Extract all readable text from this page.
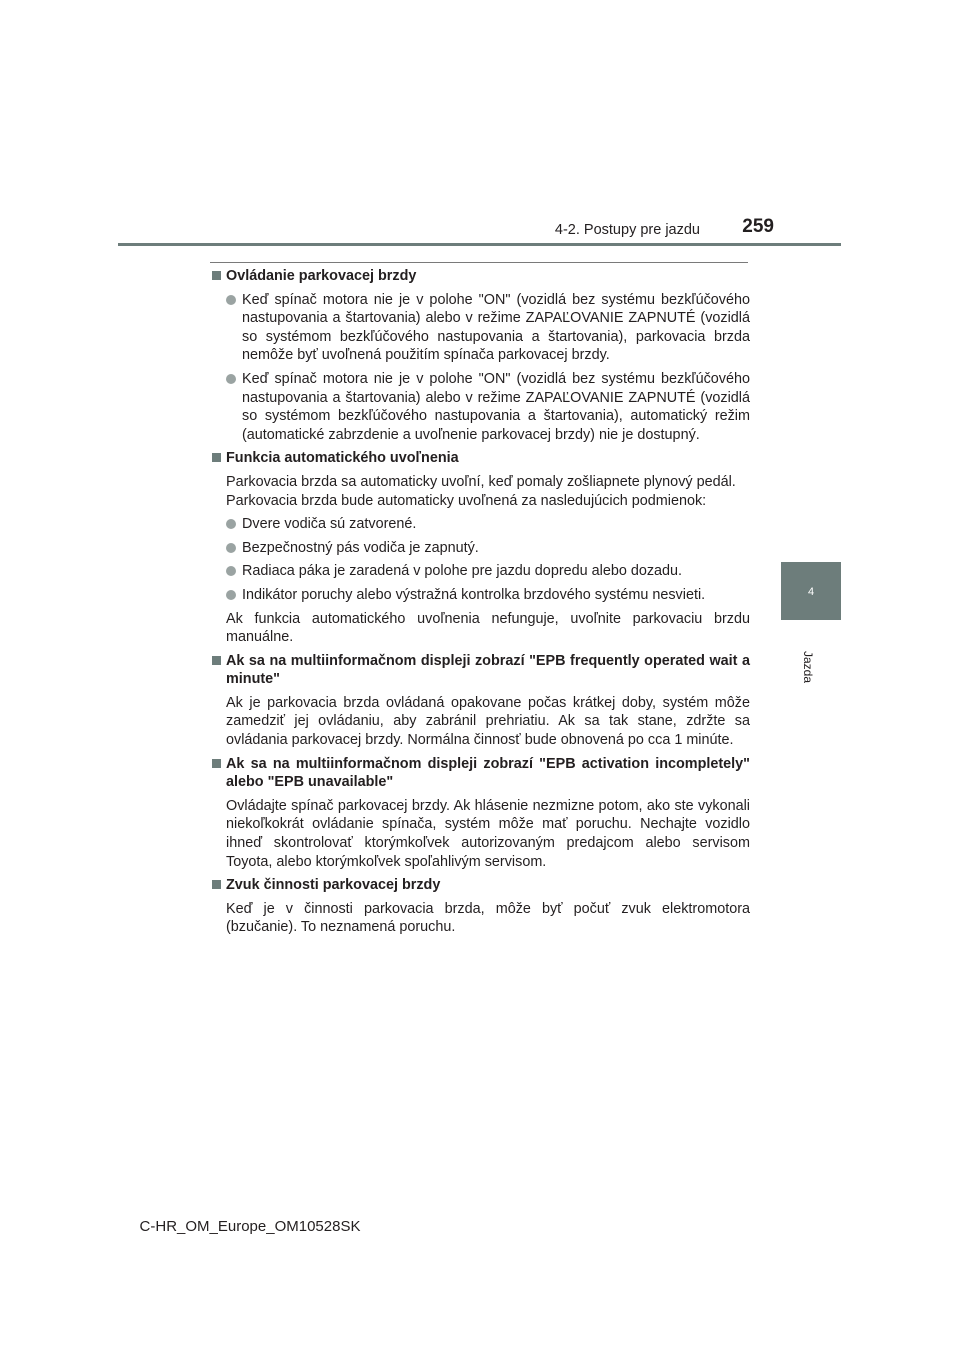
4-2. Postupy pre jazdu	259
4
Jazda
Ovládanie parkovacej brzdy
Keď spínač motora nie je v polohe "ON" (vozidlá bez systému bezkľúčového nastupovania a štartovania) alebo v režime ZAPAĽOVANIE ZAPNUTÉ (vozidlá so systémom bezkľúčového nastupovania a štartovania), parkovacia brzda nemôže byť uvoľnená použitím spínača parkovacej brzdy.
Keď spínač motora nie je v polohe "ON" (vozidlá bez systému bezkľúčového nastupovania a štartovania) alebo v režime ZAPAĽOVANIE ZAPNUTÉ (vozidlá so systémom bezkľúčového nastupovania a štartovania), automatický režim (automatické zabrzdenie a uvoľnenie parkovacej brzdy) nie je dostupný.
Funkcia automatického uvoľnenia
Parkovacia brzda sa automaticky uvoľní, keď pomaly zošliapnete plynový pedál.
Parkovacia brzda bude automaticky uvoľnená za nasledujúcich podmienok:
Dvere vodiča sú zatvorené.
Bezpečnostný pás vodiča je zapnutý.
Radiaca páka je zaradená v polohe pre jazdu dopredu alebo dozadu.
Indikátor poruchy alebo výstražná kontrolka brzdového systému nesvieti.
Ak funkcia automatického uvoľnenia nefunguje, uvoľnite parkovaciu brzdu manuálne.
Ak sa na multiinformačnom displeji zobrazí "EPB frequently operated wait a minute"
Ak je parkovacia brzda ovládaná opakovane počas krátkej doby, systém môže zamedziť jej ovládaniu, aby zabránil prehriatiu. Ak sa tak stane, zdržte sa ovládania parkovacej brzdy. Normálna činnosť bude obnovená po cca 1 minúte.
Ak sa na multiinformačnom displeji zobrazí "EPB activation incompletely" alebo "EPB unavailable"
Ovládajte spínač parkovacej brzdy. Ak hlásenie nezmizne potom, ako ste vykonali niekoľkokrát ovládanie spínača, systém môže mať poruchu. Nechajte vozidlo ihneď skontrolovať ktorýmkoľvek autorizovaným predajcom alebo servisom Toyota, alebo ktorýmkoľvek spoľahlivým servisom.
Zvuk činnosti parkovacej brzdy
Keď je v činnosti parkovacia brzda, môže byť počuť zvuk elektromotora (bzučanie). To neznamená poruchu.
C-HR_OM_Europe_OM10528SK
